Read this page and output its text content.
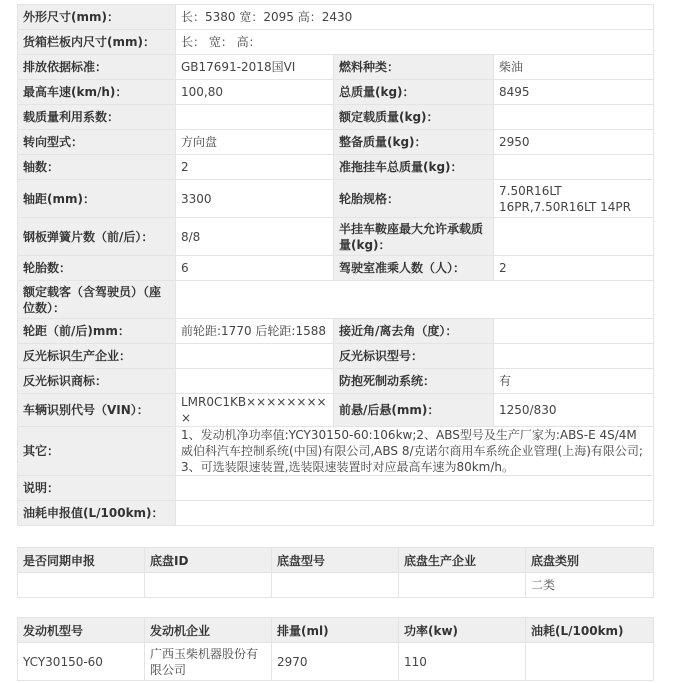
外形尺寸(mm)：	长：5380 宽：2095 高：2430		
货箱栏板内尺寸(mm)：	长： 宽： 高：		
排放依据标准：	GB17691-2018国VI	燃料种类：	柴油
最高车速(km/h)：	100,80	总质量(kg)：	8495
载质量利用系数：		额定载质量(kg)：	
转向型式：	方向盘	整备质量(kg)：	2950
轴数：	2	准拖挂车总质量(kg)：	
轴距(mm)：	3300	轮胎规格：	7.50R16LT
16PR,7.50R16LT 14PR

钢板弹簧片数（前/后）：	8/8	半挂车鞍座最大允许承载质量(kg)：	
轮胎数：	6	驾驶室准乘人数（人）：	2
额定载客（含驾驶员）（座位数）：			
轮距（前/后)mm：	前轮距:1770 后轮距:1588	接近角/离去角（度）：	
反光标识生产企业：		反光标识型号：	
反光标识商标：		防抱死制动系统：	有
车辆识别代号（VIN）：	LMR0C1KB×××××××××	前悬/后悬(mm)：	1250/830
其它：	1、发动机净功率值:YCY30150-60:106kw;2、ABS型号及生产厂家为:ABS-E 4S/4M威伯科汽车控制系统(中国)有限公司,ABS 8/克诺尔商用车系统企业管理(上海)有限公司;3、可选装限速装置,选装限速装置时对应最高车速为80km/h。		
说明：			
油耗申报值(L/100km)：			
是否同期申报	底盘ID	底盘型号	底盘生产企业	底盘类别
				二类
发动机型号	发动机企业	排量(ml)	功率(kw)	油耗(L/100km)
YCY30150-60	广西玉柴机器股份有限公司	2970	110	
